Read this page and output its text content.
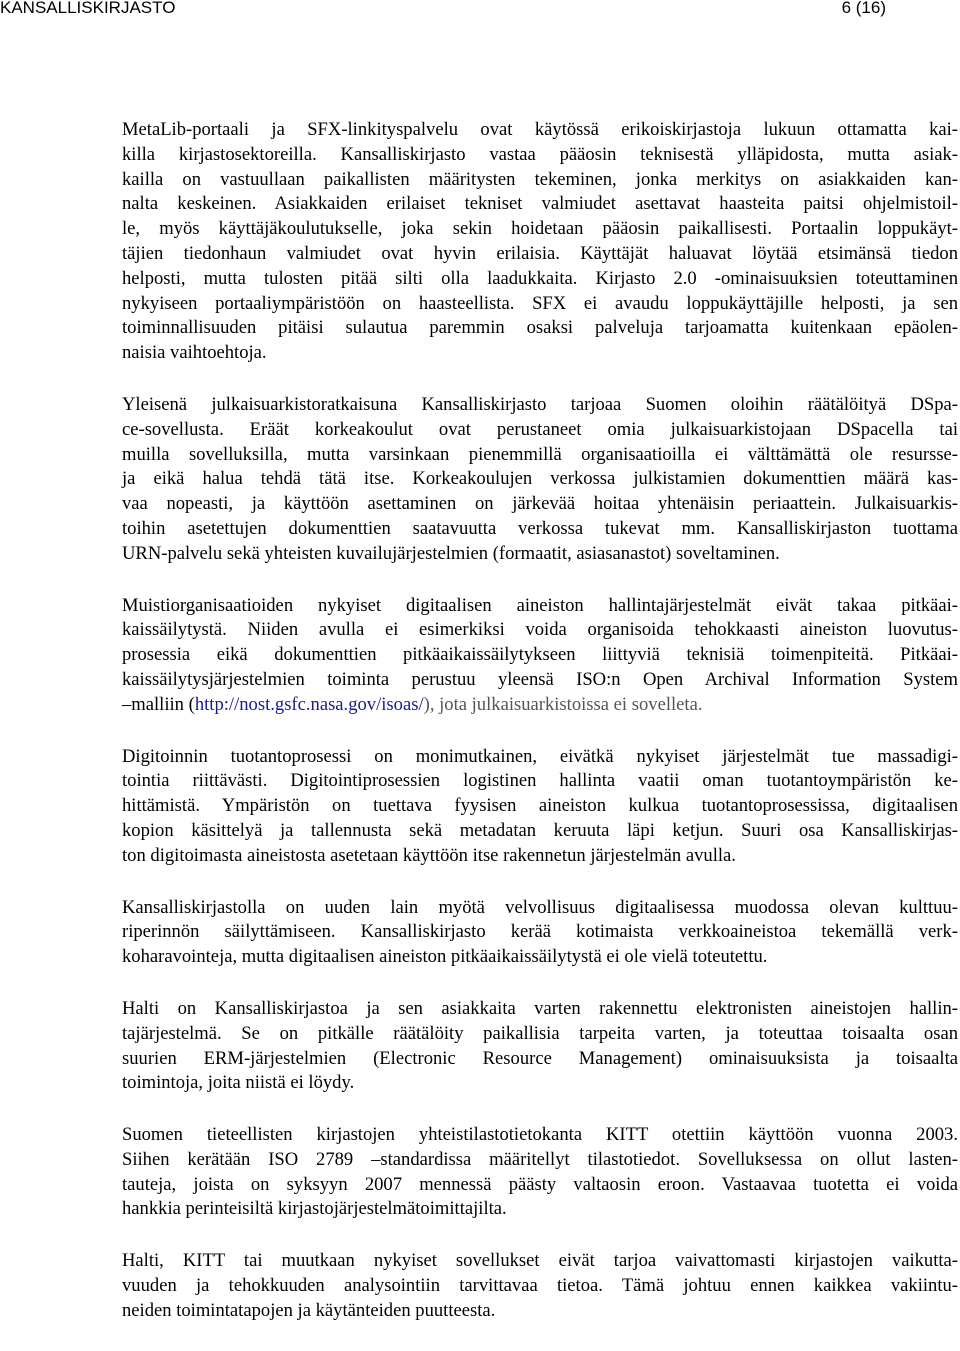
KANSALLISKIRJASTO	6 (16)
MetaLib-portaali ja SFX-linkityspalvelu ovat käytössä erikoiskirjastoja lukuun ottamatta kai-
killa kirjastosektoreilla. Kansalliskirjasto vastaa pääosin teknisestä ylläpidosta, mutta asiak-
kailla on vastuullaan paikallisten määritysten tekeminen, jonka merkitys on asiakkaiden kan-
nalta keskeinen. Asiakkaiden erilaiset tekniset valmiudet asettavat haasteita paitsi ohjelmistoil-
le, myös käyttäjäkoulutukselle, joka sekin hoidetaan pääosin paikallisesti. Portaalin loppukäyt-
täjien tiedonhaun valmiudet ovat hyvin erilaisia. Käyttäjät haluavat löytää etsimänsä tiedon
helposti, mutta tulosten pitää silti olla laadukkaita. Kirjasto 2.0 -ominaisuuksien toteuttaminen
nykyiseen portaaliympäristöön on haasteellista. SFX ei avaudu loppukäyttäjille helposti, ja sen
toiminnallisuuden pitäisi sulautua paremmin osaksi palveluja tarjoamatta kuitenkaan epäolen-
naisia vaihtoehtoja.
Yleisenä julkaisuarkistoratkaisuna Kansalliskirjasto tarjoaa Suomen oloihin räätälöityä DSpa-
ce-sovellusta. Eräät korkeakoulut ovat perustaneet omia julkaisuarkistojaan DSpacella tai
muilla sovelluksilla, mutta varsinkaan pienemmillä organisaatioilla ei välttämättä ole resursse-
ja eikä halua tehdä tätä itse. Korkeakoulujen verkossa julkistamien dokumenttien määrä kas-
vaa nopeasti, ja käyttöön asettaminen on järkevää hoitaa yhtenäisin periaattein. Julkaisuarkis-
toihin asetettujen dokumenttien saatavuutta verkossa tukevat mm. Kansalliskirjaston tuottama
URN-palvelu sekä yhteisten kuvailujärjestelmien (formaatit, asiasanastot) soveltaminen.
Muistiorganisaatioiden nykyiset digitaalisen aineiston hallintajärjestelmät eivät takaa pitkäai-
kaissäilytystä. Niiden avulla ei esimerkiksi voida organisoida tehokkaasti aineiston luovutus-
prosessia eikä dokumenttien pitkäaikaissäilytykseen liittyviä teknisiä toimenpiteitä. Pitkäai-
kaissäilytysjärjestelmien toiminta perustuu yleensä ISO:n Open Archival Information System
–malliin (http://nost.gsfc.nasa.gov/isoas/), jota julkaisuarkistoissa ei sovelleta.
Digitoinnin tuotantoprosessi on monimutkainen, eivätkä nykyiset järjestelmät tue massadigi-
tointia riittävästi. Digitointiprosessien logistinen hallinta vaatii oman tuotantoympäristön ke-
hittämistä. Ympäristön on tuettava fyysisen aineiston kulkua tuotantoprosessissa, digitaalisen
kopion käsittelyä ja tallennusta sekä metadatan keruuta läpi ketjun. Suuri osa Kansalliskirjas-
ton digitoimasta aineistosta asetetaan käyttöön itse rakennetun järjestelmän avulla.
Kansalliskirjastolla on uuden lain myötä velvollisuus digitaalisessa muodossa olevan kulttuu-
riperinnön säilyttämiseen. Kansalliskirjasto kerää kotimaista verkkoaineistoa tekemällä verk-
koharavointeja, mutta digitaalisen aineiston pitkäaikaissäilytystä ei ole vielä toteutettu.
Halti on Kansalliskirjastoa ja sen asiakkaita varten rakennettu elektronisten aineistojen hallin-
tajärjestelmä. Se on pitkälle räätälöity paikallisia tarpeita varten, ja toteuttaa toisaalta osan
suurien ERM-järjestelmien (Electronic Resource Management) ominaisuuksista ja toisaalta
toimintoja, joita niistä ei löydy.
Suomen tieteellisten kirjastojen yhteistilastotietokanta KITT otettiin käyttöön vuonna 2003.
Siihen kerätään ISO 2789 –standardissa määritellyt tilastotiedot. Sovelluksessa on ollut lasten-
tauteja, joista on syksyyn 2007 mennessä päästy valtaosin eroon. Vastaavaa tuotetta ei voida
hankkia perinteisiltä kirjastojärjestelmätoimittajilta.
Halti, KITT tai muutkaan nykyiset sovellukset eivät tarjoa vaivattomasti kirjastojen vaikutta-
vuuden ja tehokkuuden analysointiin tarvittavaa tietoa. Tämä johtuu ennen kaikkea vakiintu-
neiden toimintatapojen ja käytänteiden puutteesta.
